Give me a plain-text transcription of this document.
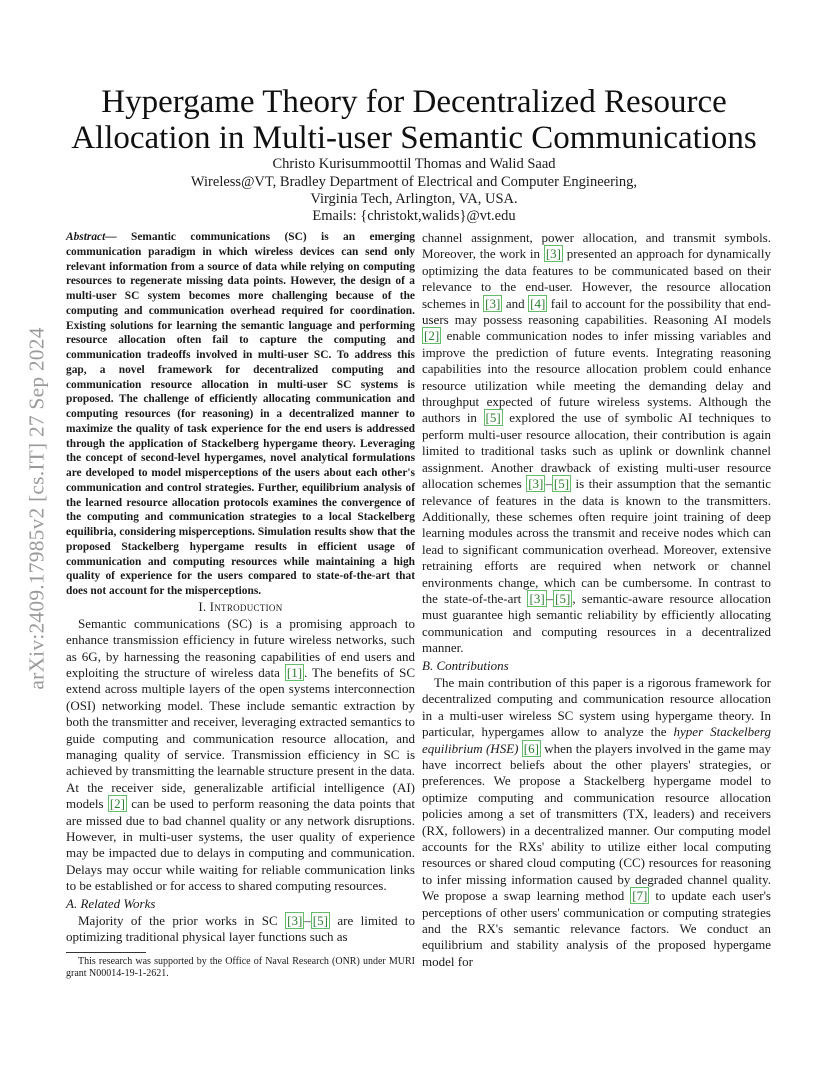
arXiv:2409.17985v2 [cs.IT] 27 Sep 2024
Hypergame Theory for Decentralized Resource
Allocation in Multi-user Semantic Communications
Christo Kurisummoottil Thomas and Walid Saad
Wireless@VT, Bradley Department of Electrical and Computer Engineering,
Virginia Tech, Arlington, VA, USA.
Emails: {christokt,walids}@vt.edu
Abstract— Semantic communications (SC) is an emerging communication paradigm in which wireless devices can send only relevant information from a source of data while relying on computing resources to regenerate missing data points. However, the design of a multi-user SC system becomes more challenging because of the computing and communication overhead required for coordination. Existing solutions for learning the semantic language and performing resource allocation often fail to capture the computing and communication tradeoffs involved in multi-user SC. To address this gap, a novel framework for decentralized computing and communication resource allocation in multi-user SC systems is proposed. The challenge of efficiently allocating communication and computing resources (for reasoning) in a decentralized manner to maximize the quality of task experience for the end users is addressed through the application of Stackelberg hypergame theory. Leveraging the concept of second-level hypergames, novel analytical formulations are developed to model misperceptions of the users about each other's communication and control strategies. Further, equilibrium analysis of the learned resource allocation protocols examines the convergence of the computing and communication strategies to a local Stackelberg equilibria, considering misperceptions. Simulation results show that the proposed Stackelberg hypergame results in efficient usage of communication and computing resources while maintaining a high quality of experience for the users compared to state-of-the-art that does not account for the misperceptions.
I. Introduction

Semantic communications (SC) is a promising approach to enhance transmission efficiency in future wireless networks, such as 6G, by harnessing the reasoning capabilities of end users and exploiting the structure of wireless data [1] . The benefits of SC extend across multiple layers of the open systems interconnection (OSI) networking model. These include semantic extraction by both the transmitter and receiver, leveraging extracted semantics to guide computing and communication resource allocation, and managing quality of service. Transmission efficiency in SC is achieved by transmitting the learnable structure present in the data. At the receiver side, generalizable artificial intelligence (AI) models [2] can be used to perform reasoning the data points that are missed due to bad channel quality or any network disruptions. However, in multi-user systems, the user quality of experience may be impacted due to delays in computing and communication. Delays may occur while waiting for reliable communication links to be established or for access to shared computing resources.

A. Related Works

Majority of the prior works in SC [3] – [5] are limited to optimizing traditional physical layer functions such as

This research was supported by the Office of Naval Research (ONR) under MURI grant N00014-19-1-2621.

channel assignment, power allocation, and transmit symbols. Moreover, the work in [3] presented an approach for dynamically optimizing the data features to be communicated based on their relevance to the end-user. However, the resource allocation schemes in [3] and [4] fail to account for the possibility that end-users may possess reasoning capabilities. Reasoning AI models [2] enable communication nodes to infer missing variables and improve the prediction of future events. Integrating reasoning capabilities into the resource allocation problem could enhance resource utilization while meeting the demanding delay and throughput expected of future wireless systems. Although the authors in [5] explored the use of symbolic AI techniques to perform multi-user resource allocation, their contribution is again limited to traditional tasks such as uplink or downlink channel assignment. Another drawback of existing multi-user resource allocation schemes [3] – [5] is their assumption that the semantic relevance of features in the data is known to the transmitters. Additionally, these schemes often require joint training of deep learning modules across the transmit and receive nodes which can lead to significant communication overhead. Moreover, extensive retraining efforts are required when network or channel environments change, which can be cumbersome. In contrast to the state-of-the-art [3] – [5] , semantic-aware resource allocation must guarantee high semantic reliability by efficiently allocating communication and computing resources in a decentralized manner.

B. Contributions

The main contribution of this paper is a rigorous framework for decentralized computing and communication resource allocation in a multi-user wireless SC system using hypergame theory. In particular, hypergames allow to analyze the hyper Stackelberg equilibrium (HSE) [6] when the players involved in the game may have incorrect beliefs about the other players' strategies, or preferences. We propose a Stackelberg hypergame model to optimize computing and communication resource allocation policies among a set of transmitters (TX, leaders) and receivers (RX, followers) in a decentralized manner. Our computing model accounts for the RXs' ability to utilize either local computing resources or shared cloud computing (CC) resources for reasoning to infer missing information caused by degraded channel quality. We propose a swap learning method [7] to update each user's perceptions of other users' communication or computing strategies and the RX's semantic relevance factors. We conduct an equilibrium and stability analysis of the proposed hypergame model for
